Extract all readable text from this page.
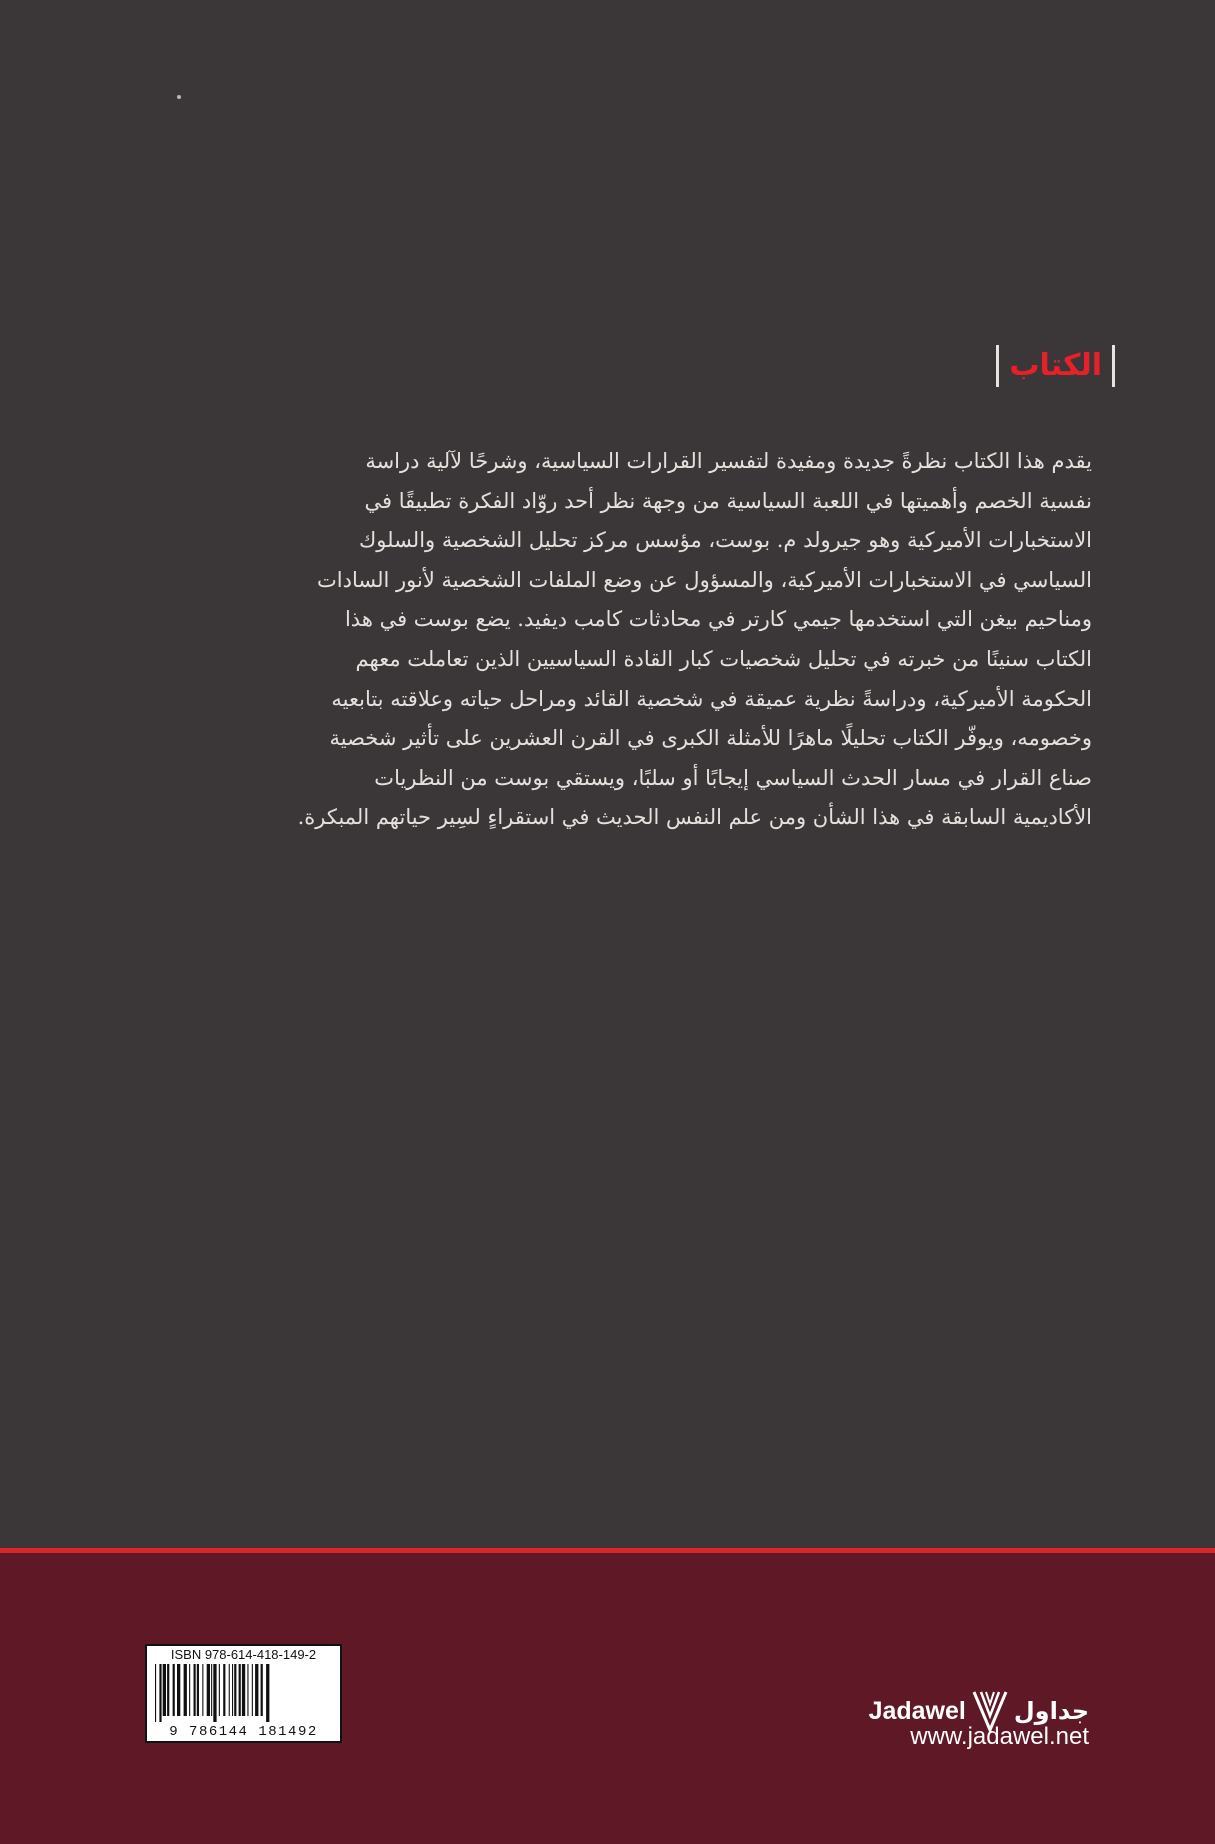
الكتاب
يقدم هذا الكتاب نظرةً جديدة ومفيدة لتفسير القرارات السياسية، وشرحًا لآلية دراسة
نفسية الخصم وأهميتها في اللعبة السياسية من وجهة نظر أحد روّاد الفكرة تطبيقًا في
الاستخبارات الأميركية وهو جيرولد م. بوست، مؤسس مركز تحليل الشخصية والسلوك
السياسي في الاستخبارات الأميركية، والمسؤول عن وضع الملفات الشخصية لأنور السادات
ومناحيم بيغن التي استخدمها جيمي كارتر في محادثات كامب ديفيد. يضع بوست في هذا
الكتاب سنينًا من خبرته في تحليل شخصيات كبار القادة السياسيين الذين تعاملت معهم
الحكومة الأميركية، ودراسةً نظرية عميقة في شخصية القائد ومراحل حياته وعلاقته بتابعيه
وخصومه، ويوفّر الكتاب تحليلًا ماهرًا للأمثلة الكبرى في القرن العشرين على تأثير شخصية
صناع القرار في مسار الحدث السياسي إيجابًا أو سلبًا، ويستقي بوست من النظريات
الأكاديمية السابقة في هذا الشأن ومن علم النفس الحديث في استقراءٍ لسِير حياتهم المبكرة.
ISBN 978-614-418-149-2
9 786144 181492
Jadawel جداول
www.jadawel.net
